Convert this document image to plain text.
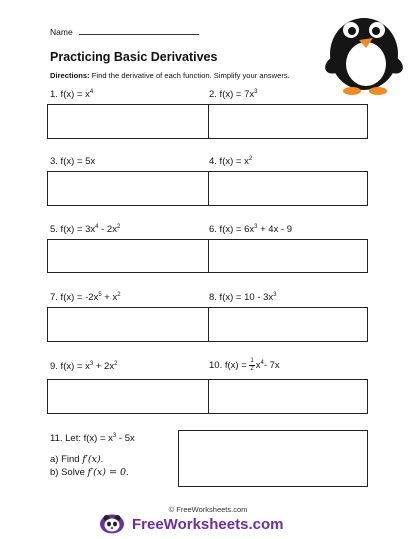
Name
Practicing Basic Derivatives
Directions: Find the derivative of each function. Simplify your answers.
1. $f(x) = x^4$	2. $f(x) = 7x^3$
3. f(x) = 5x	4. $f(x) = x^2$
5. $f(x) = 3x^4 - 2x^2$	6. $f(x) = 6x^3 + 4x - 9$
7. $f(x) = -2x^5 + x^2$	8. $f(x) = 10 - 3x^3$
9. $f(x) = x^3 + 2x^2$	10. $f(x) = \frac{1}{2} x^4-$ 7x
11. Let: $f(x) = x^3 - 5x$
a) Find f′(x).
b) Solve f′(x) = 0.
© FreeWorksheets.com
FreeWorksheets.com
